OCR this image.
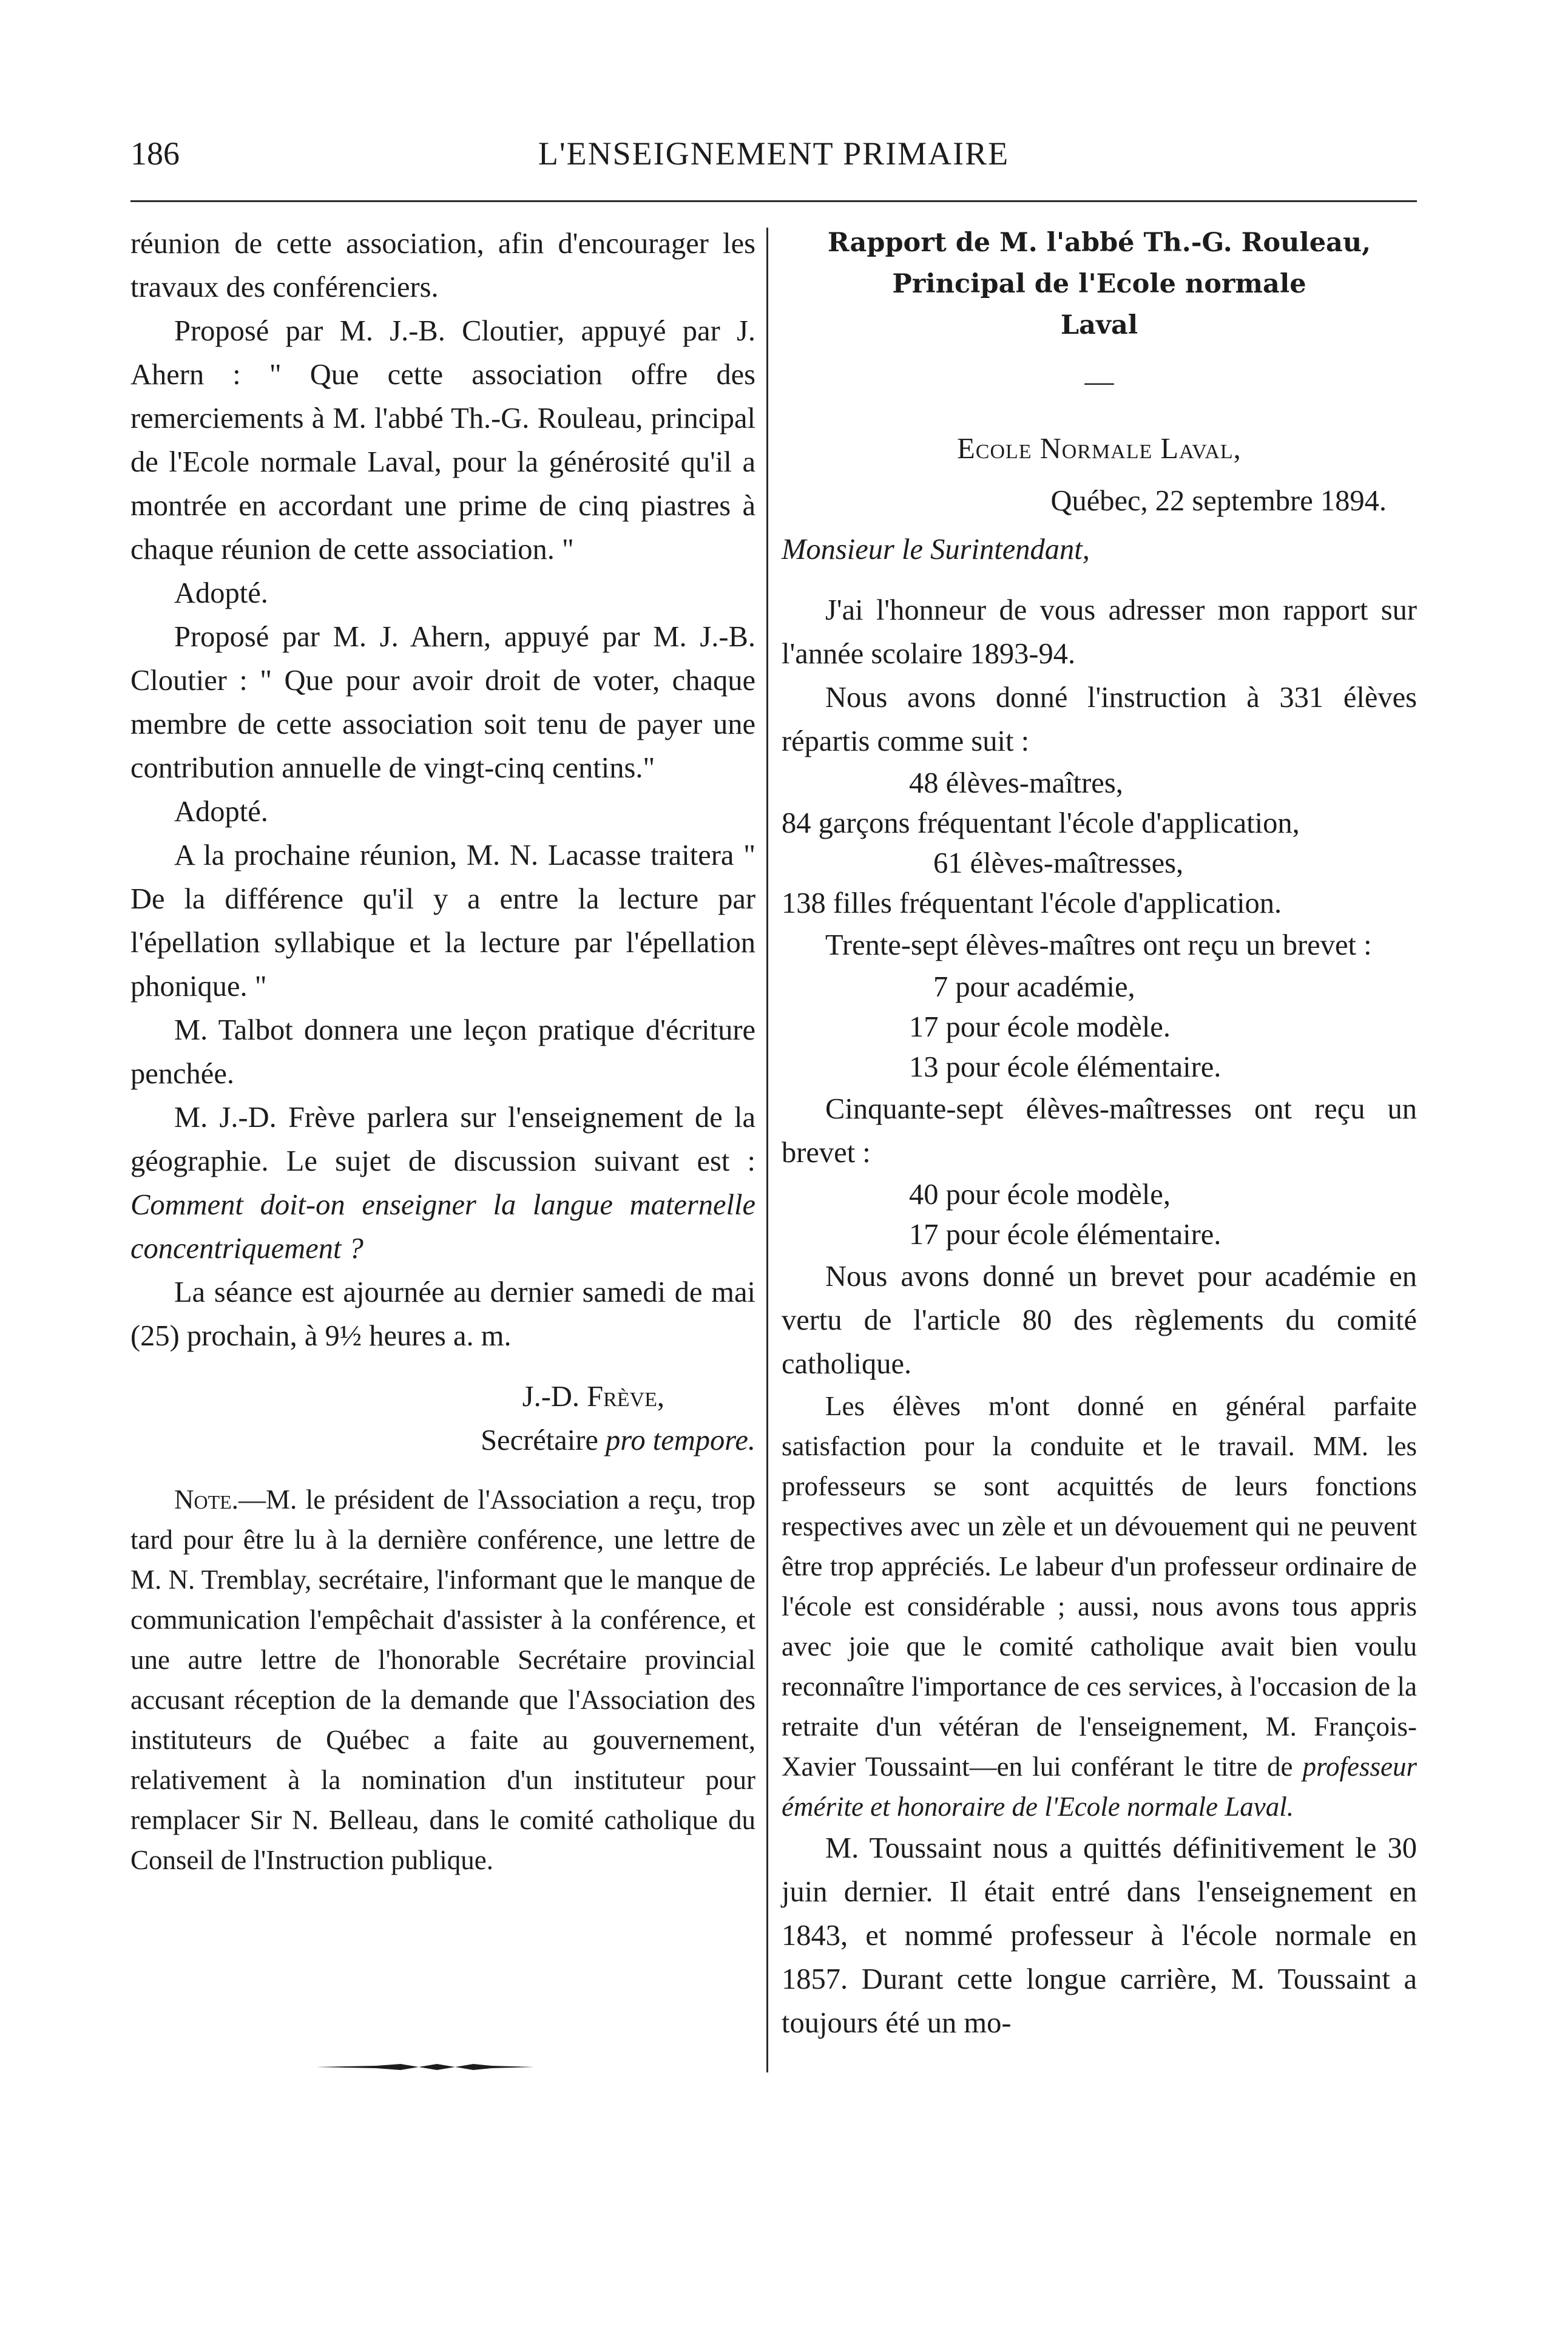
186	L'ENSEIGNEMENT PRIMAIRE

réunion de cette association, afin d'encourager les travaux des conférenciers.

Proposé par M. J.-B. Cloutier, appuyé par J. Ahern : " Que cette association offre des remerciements à M. l'abbé Th.-G. Rouleau, principal de l'Ecole normale Laval, pour la générosité qu'il a montrée en accordant une prime de cinq piastres à chaque réunion de cette association. "

Adopté.

Proposé par M. J. Ahern, appuyé par M. J.-B. Cloutier : " Que pour avoir droit de voter, chaque membre de cette association soit tenu de payer une contribution annuelle de vingt-cinq centins."

Adopté.

A la prochaine réunion, M. N. Lacasse traitera " De la différence qu'il y a entre la lecture par l'épellation syllabique et la lecture par l'épellation phonique. "

M. Talbot donnera une leçon pratique d'écriture penchée.

M. J.-D. Frève parlera sur l'enseignement de la géographie. Le sujet de discussion suivant est : Comment doit-on enseigner la langue maternelle concentriquement ?

La séance est ajournée au dernier samedi de mai (25) prochain, à 9½ heures a. m.

J.-D. Frève,

Secrétaire pro tempore.

Note.—M. le président de l'Association a reçu, trop tard pour être lu à la dernière conférence, une lettre de M. N. Tremblay, secrétaire, l'informant que le manque de communication l'empêchait d'assister à la conférence, et une autre lettre de l'honorable Secrétaire provincial accusant réception de la demande que l'Association des instituteurs de Québec a faite au gouvernement, relativement à la nomination d'un instituteur pour remplacer Sir N. Belleau, dans le comité catholique du Conseil de l'Instruction publique.

Rapport de M. l'abbé Th.-G. Rouleau,

Principal de l'Ecole normale

Laval

—

Ecole Normale Laval,

Québec, 22 septembre 1894.

Monsieur le Surintendant,

J'ai l'honneur de vous adresser mon rapport sur l'année scolaire 1893-94.

Nous avons donné l'instruction à 331 élèves répartis comme suit :

48 élèves-maîtres,

84 garçons fréquentant l'école d'application,

61 élèves-maîtresses,

138 filles fréquentant l'école d'application.

Trente-sept élèves-maîtres ont reçu un brevet :

7 pour académie,

17 pour école modèle.

13 pour école élémentaire.

Cinquante-sept élèves-maîtresses ont reçu un brevet :

40 pour école modèle,

17 pour école élémentaire.

Nous avons donné un brevet pour académie en vertu de l'article 80 des règlements du comité catholique.

Les élèves m'ont donné en général parfaite satisfaction pour la conduite et le travail. MM. les professeurs se sont acquittés de leurs fonctions respectives avec un zèle et un dévouement qui ne peuvent être trop appréciés. Le labeur d'un professeur ordinaire de l'école est considérable ; aussi, nous avons tous appris avec joie que le comité catholique avait bien voulu reconnaître l'importance de ces services, à l'occasion de la retraite d'un vétéran de l'enseignement, M. François-Xavier Toussaint—en lui conférant le titre de professeur émérite et honoraire de l'Ecole normale Laval.

M. Toussaint nous a quittés définitivement le 30 juin dernier. Il était entré dans l'enseignement en 1843, et nommé professeur à l'école normale en 1857. Durant cette longue carrière, M. Toussaint a toujours été un mo-
